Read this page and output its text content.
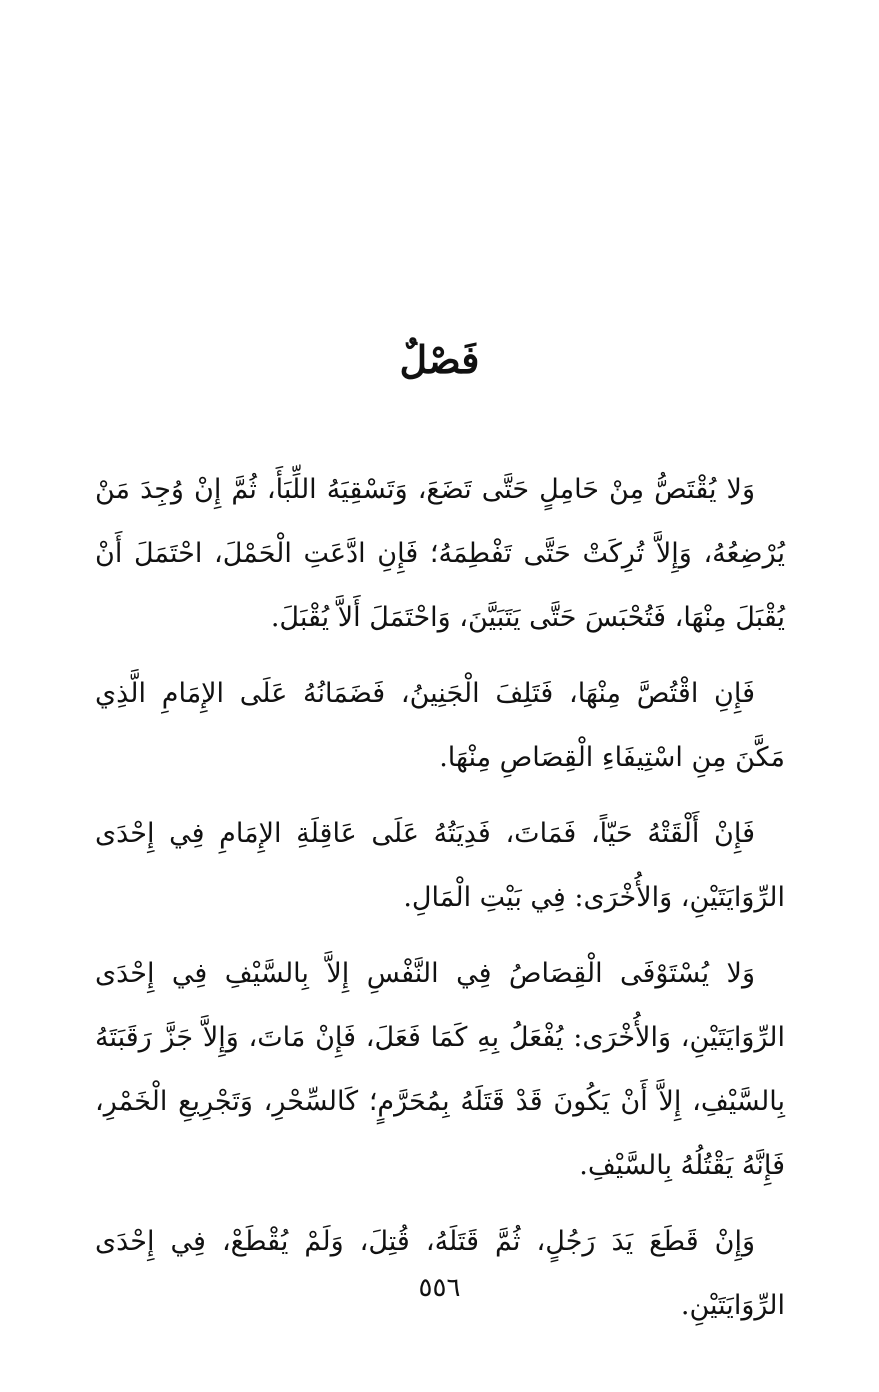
فَصْلٌ

وَلا يُقْتَصُّ مِنْ حَامِلٍ حَتَّى تَضَعَ، وَتَسْقِيَهُ اللِّبَأَ، ثُمَّ إِنْ وُجِدَ مَنْ يُرْضِعُهُ، وَإِلاَّ تُرِكَتْ حَتَّى تَفْطِمَهُ؛ فَإِنِ ادَّعَتِ الْحَمْلَ، احْتَمَلَ أَنْ يُقْبَلَ مِنْهَا، فَتُحْبَسَ حَتَّى يَتَبَيَّنَ، وَاحْتَمَلَ أَلاَّ يُقْبَلَ.

فَإِنِ اقْتُصَّ مِنْهَا، فَتَلِفَ الْجَنِينُ، فَضَمَانُهُ عَلَى الإِمَامِ الَّذِي مَكَّنَ مِنِ اسْتِيفَاءِ الْقِصَاصِ مِنْهَا.

فَإِنْ أَلْقَتْهُ حَيّاً، فَمَاتَ، فَدِيَتُهُ عَلَى عَاقِلَةِ الإِمَامِ فِي إِحْدَى الرِّوَايَتَيْنِ، وَالأُخْرَى: فِي بَيْتِ الْمَالِ.

وَلا يُسْتَوْفَى الْقِصَاصُ فِي النَّفْسِ إِلاَّ بِالسَّيْفِ فِي إِحْدَى الرِّوَايَتَيْنِ، وَالأُخْرَى: يُفْعَلُ بِهِ كَمَا فَعَلَ، فَإِنْ مَاتَ، وَإِلاَّ جَزَّ رَقَبَتَهُ بِالسَّيْفِ، إِلاَّ أَنْ يَكُونَ قَدْ قَتَلَهُ بِمُحَرَّمٍ؛ كَالسِّحْرِ، وَتَجْرِيعِ الْخَمْرِ، فَإِنَّهُ يَقْتُلُهُ بِالسَّيْفِ.

وَإِنْ قَطَعَ يَدَ رَجُلٍ، ثُمَّ قَتَلَهُ، قُتِلَ، وَلَمْ يُقْطَعْ، فِي إِحْدَى الرِّوَايَتَيْنِ.

٥٥٦
